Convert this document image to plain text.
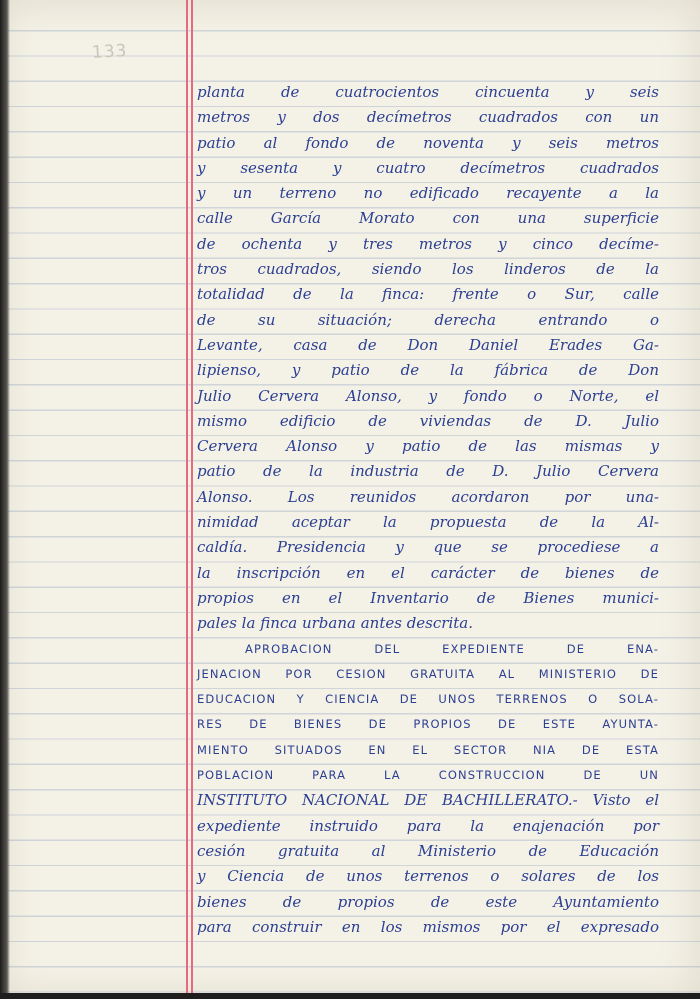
133
planta de cuatrocientos cincuenta y seis
metros y dos decímetros cuadrados con un
patio al fondo de noventa y seis metros
y sesenta y cuatro decímetros cuadrados
y un terreno no edificado recayente a la
calle García Morato con una superficie
de ochenta y tres metros y cinco decíme-
tros cuadrados, siendo los linderos de la
totalidad de la finca: frente o Sur, calle
de su situación; derecha entrando o
Levante, casa de Don Daniel Erades Ga-
lipienso, y patio de la fábrica de Don
Julio Cervera Alonso, y fondo o Norte, el
mismo edificio de viviendas de D. Julio
Cervera Alonso y patio de las mismas y
patio de la industria de D. Julio Cervera
Alonso. Los reunidos acordaron por una-
nimidad aceptar la propuesta de la Al-
caldía. Presidencia y que se procediese a
la inscripción en el carácter de bienes de
propios en el Inventario de Bienes munici-
pales la finca urbana antes descrita.
APROBACION DEL EXPEDIENTE DE ENA-
JENACION POR CESION GRATUITA AL MINISTERIO DE
EDUCACION Y CIENCIA DE UNOS TERRENOS O SOLA-
RES DE BIENES DE PROPIOS DE ESTE AYUNTA-
MIENTO SITUADOS EN EL SECTOR NIA DE ESTA
POBLACION PARA LA CONSTRUCCION DE UN
INSTITUTO NACIONAL DE BACHILLERATO.- Visto el
expediente instruido para la enajenación por
cesión gratuita al Ministerio de Educación
y Ciencia de unos terrenos o solares de los
bienes de propios de este Ayuntamiento
para construir en los mismos por el expresado
